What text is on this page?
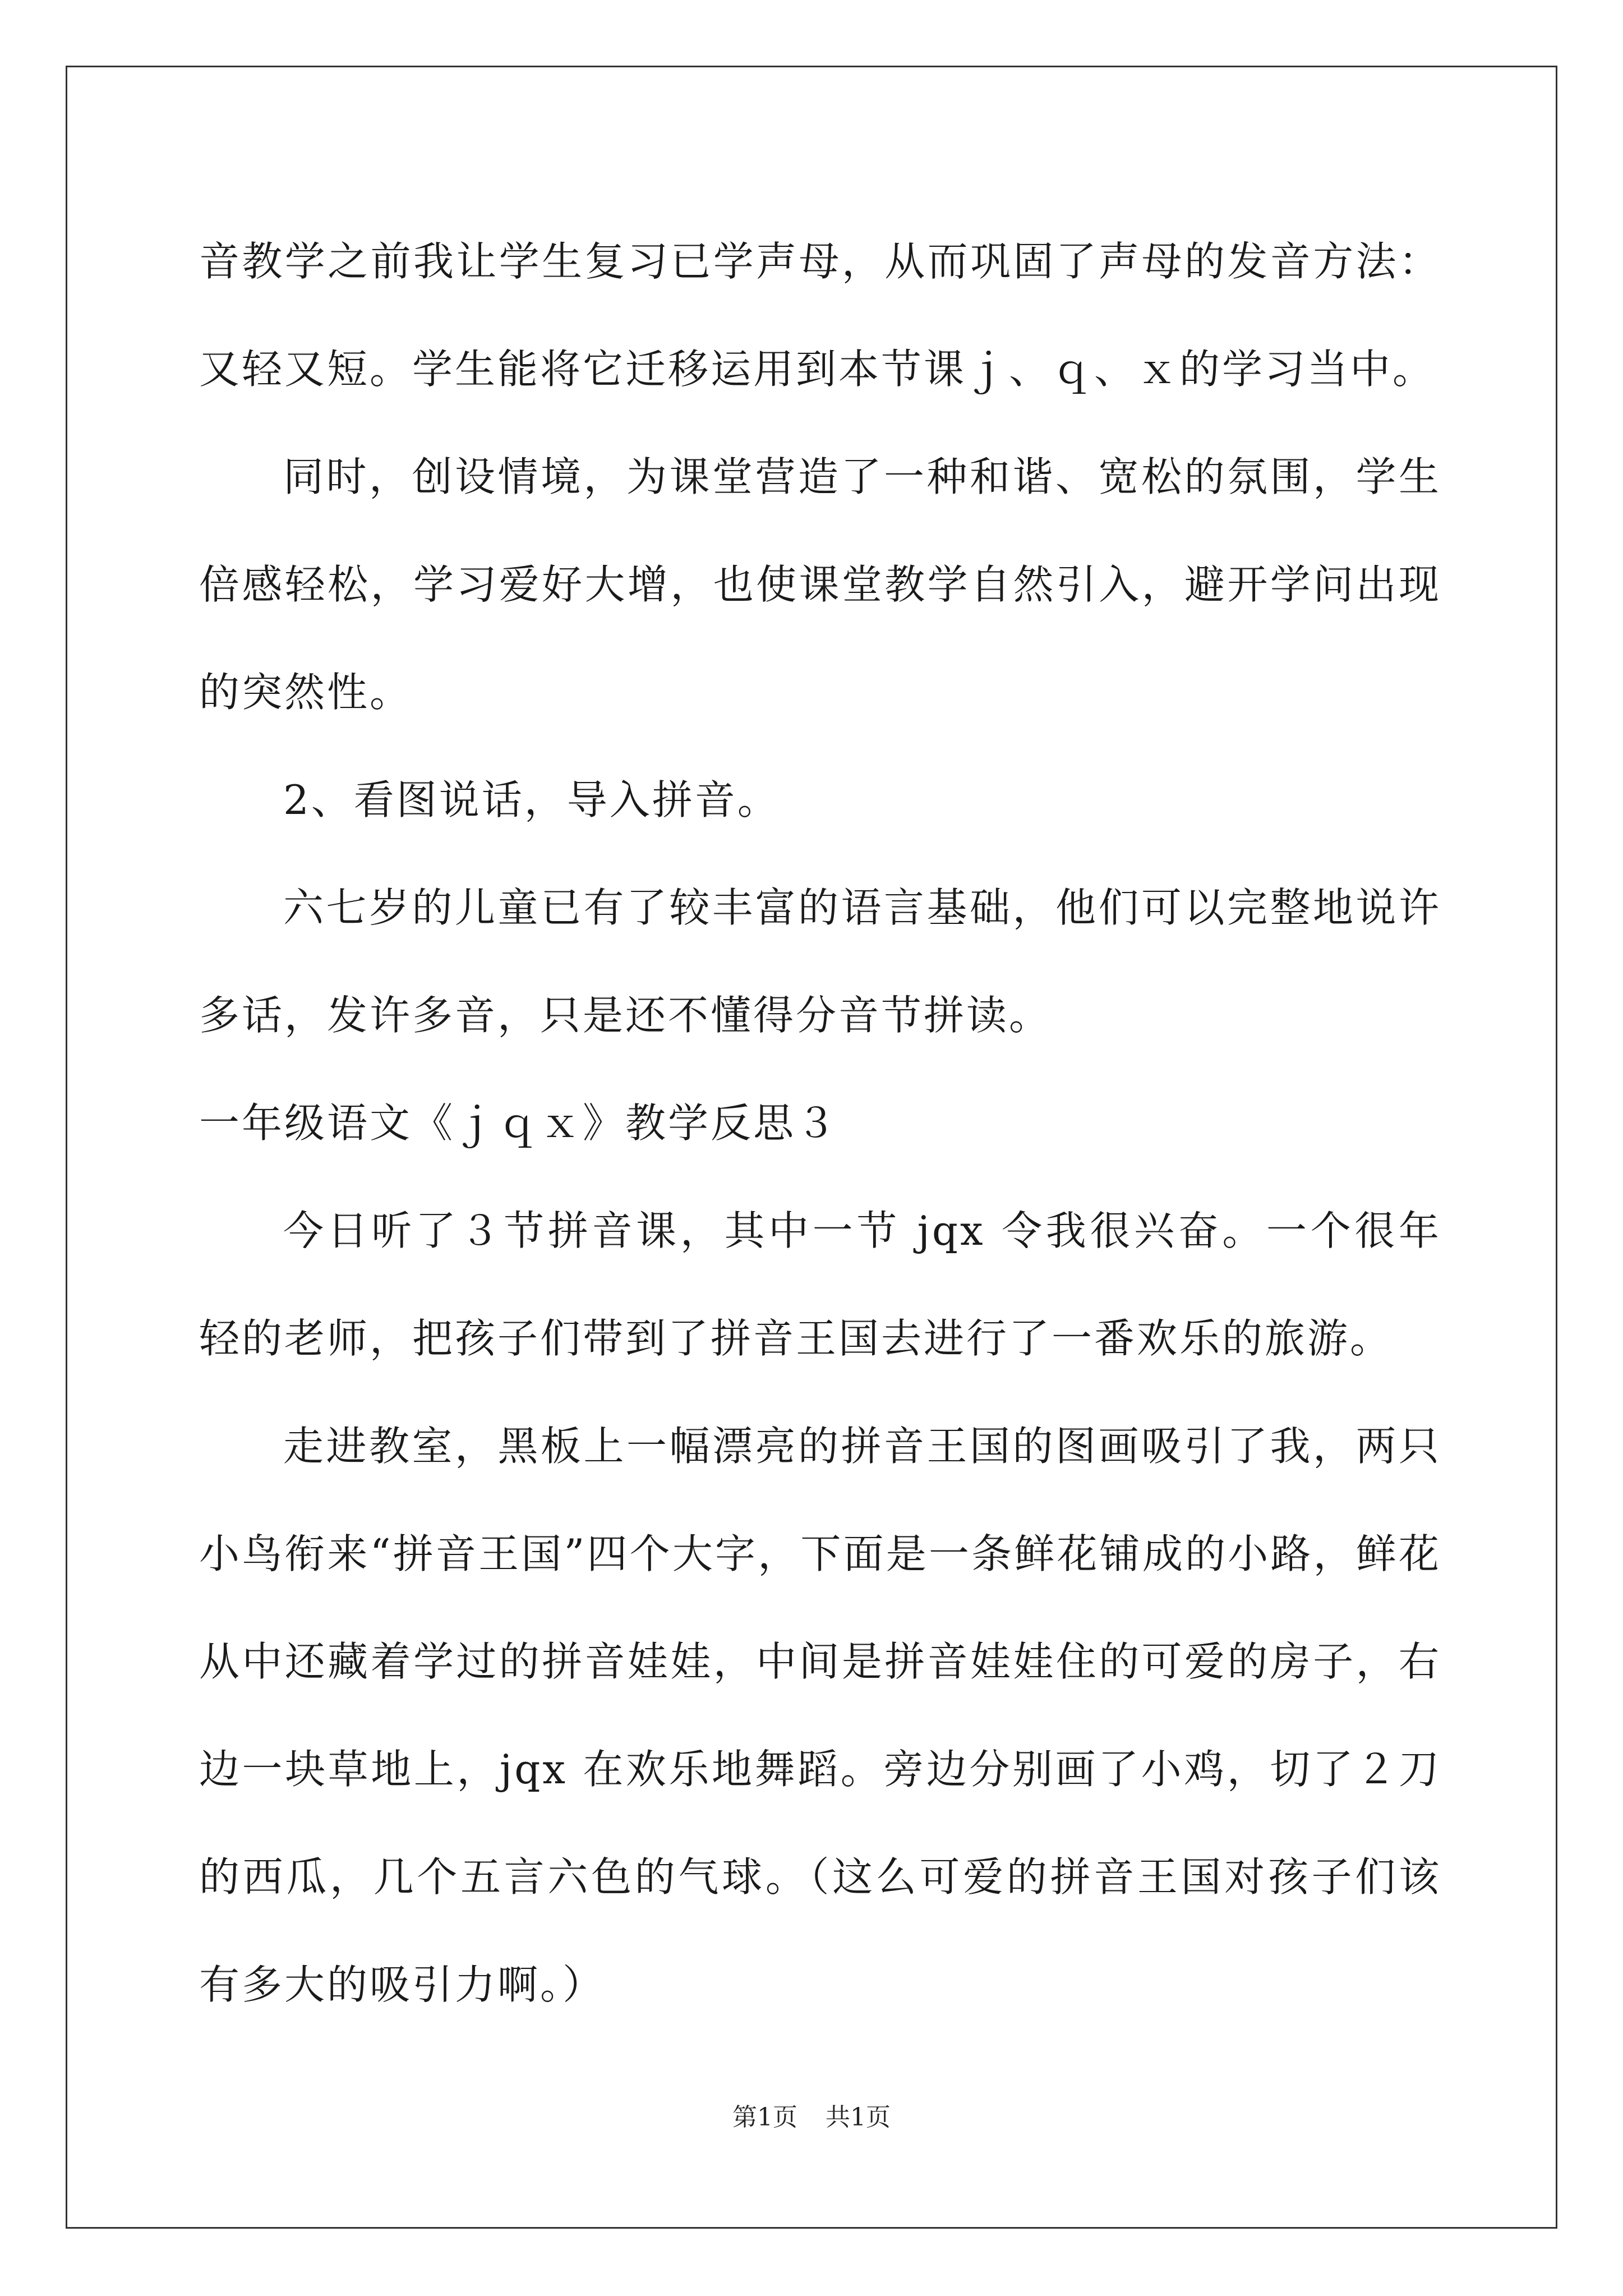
音教学之前我让学生复习已学声母，从而巩固了声母的发音方法：又轻又短。学生能将它迁移运用到本节课ｊ、ｑ、ｘ的学习当中。

同时，创设情境，为课堂营造了一种和谐、宽松的氛围，学生倍感轻松，学习爱好大增，也使课堂教学自然引入，避开学问出现的突然性。

2、看图说话，导入拼音。

六七岁的儿童已有了较丰富的语言基础，他们可以完整地说许多话，发许多音，只是还不懂得分音节拼读。

一年级语文《ｊｑｘ》教学反思３

今日听了３节拼音课，其中一节 jqx 令我很兴奋。一个很年轻的老师，把孩子们带到了拼音王国去进行了一番欢乐的旅游。

走进教室，黑板上一幅漂亮的拼音王国的图画吸引了我，两只小鸟衔来“拼音王国”四个大字，下面是一条鲜花铺成的小路，鲜花从中还藏着学过的拼音娃娃，中间是拼音娃娃住的可爱的房子，右边一块草地上，jqx 在欢乐地舞蹈。旁边分别画了小鸡，切了２刀的西瓜，几个五言六色的气球。（这么可爱的拼音王国对孩子们该有多大的吸引力啊。）

第1页 共1页
